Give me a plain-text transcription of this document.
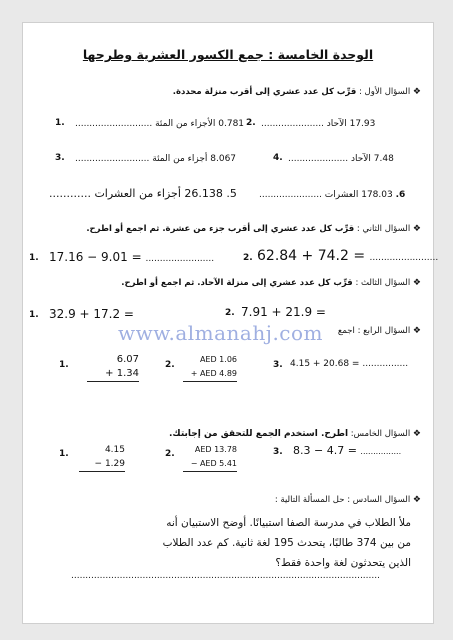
الوحدة الخامسة : جمع الكسور العشرية وطرحها
❖ السؤال الأول : قرِّب كل عدد عشري إلى أقرب منزلة محددة.
1. 0.781 الأجزاء من المئة ........................... 2. 17.93 الآحاد ......................
3. 8.067 أجزاء من المئة ..........................	4. 7.48 الآحاد .....................
5. 26.138 أجزاء من العشرات ............	6. 178.03 العشرات ......................
❖ السؤال الثاني : قرِّب كل عدد عشري إلى أقرب جزء من عشرة. ثم اجمع أو اطرح.
1. 17.16 − 9.01 = ........................	2. 62.84 + 74.2 = ........................
❖ السؤال الثالث : قرِّب كل عدد عشري إلى منزلة الآحاد. ثم اجمع أو اطرح.
1. 32.9 + 17.2 =	2. 7.91 + 21.9 =
www.almanahj.com	❖ السؤال الرابع : اجمع
1.	6.07
+ 1.34
2.
AED 1.06
+ AED 4.89
3. 4.15 + 20.68 = ................
❖ السؤال الخامس: اطرح. استخدم الجمع للتحقق من إجابتك.
1.	4.15
− 1.29
2.	AED 13.78
− AED 5.41
3. 8.3 − 4.7 = ................
❖ السؤال السادس : حل المسألة التالية :
ملأ الطلاب في مدرسة الصفا استبيانًا. أوضح الاستبيان أنه
من بين 374 طالبًا، يتحدث 195 لغة ثانية. كم عدد الطلاب
الذين يتحدثون لغة واحدة فقط؟
............................................................................................................
